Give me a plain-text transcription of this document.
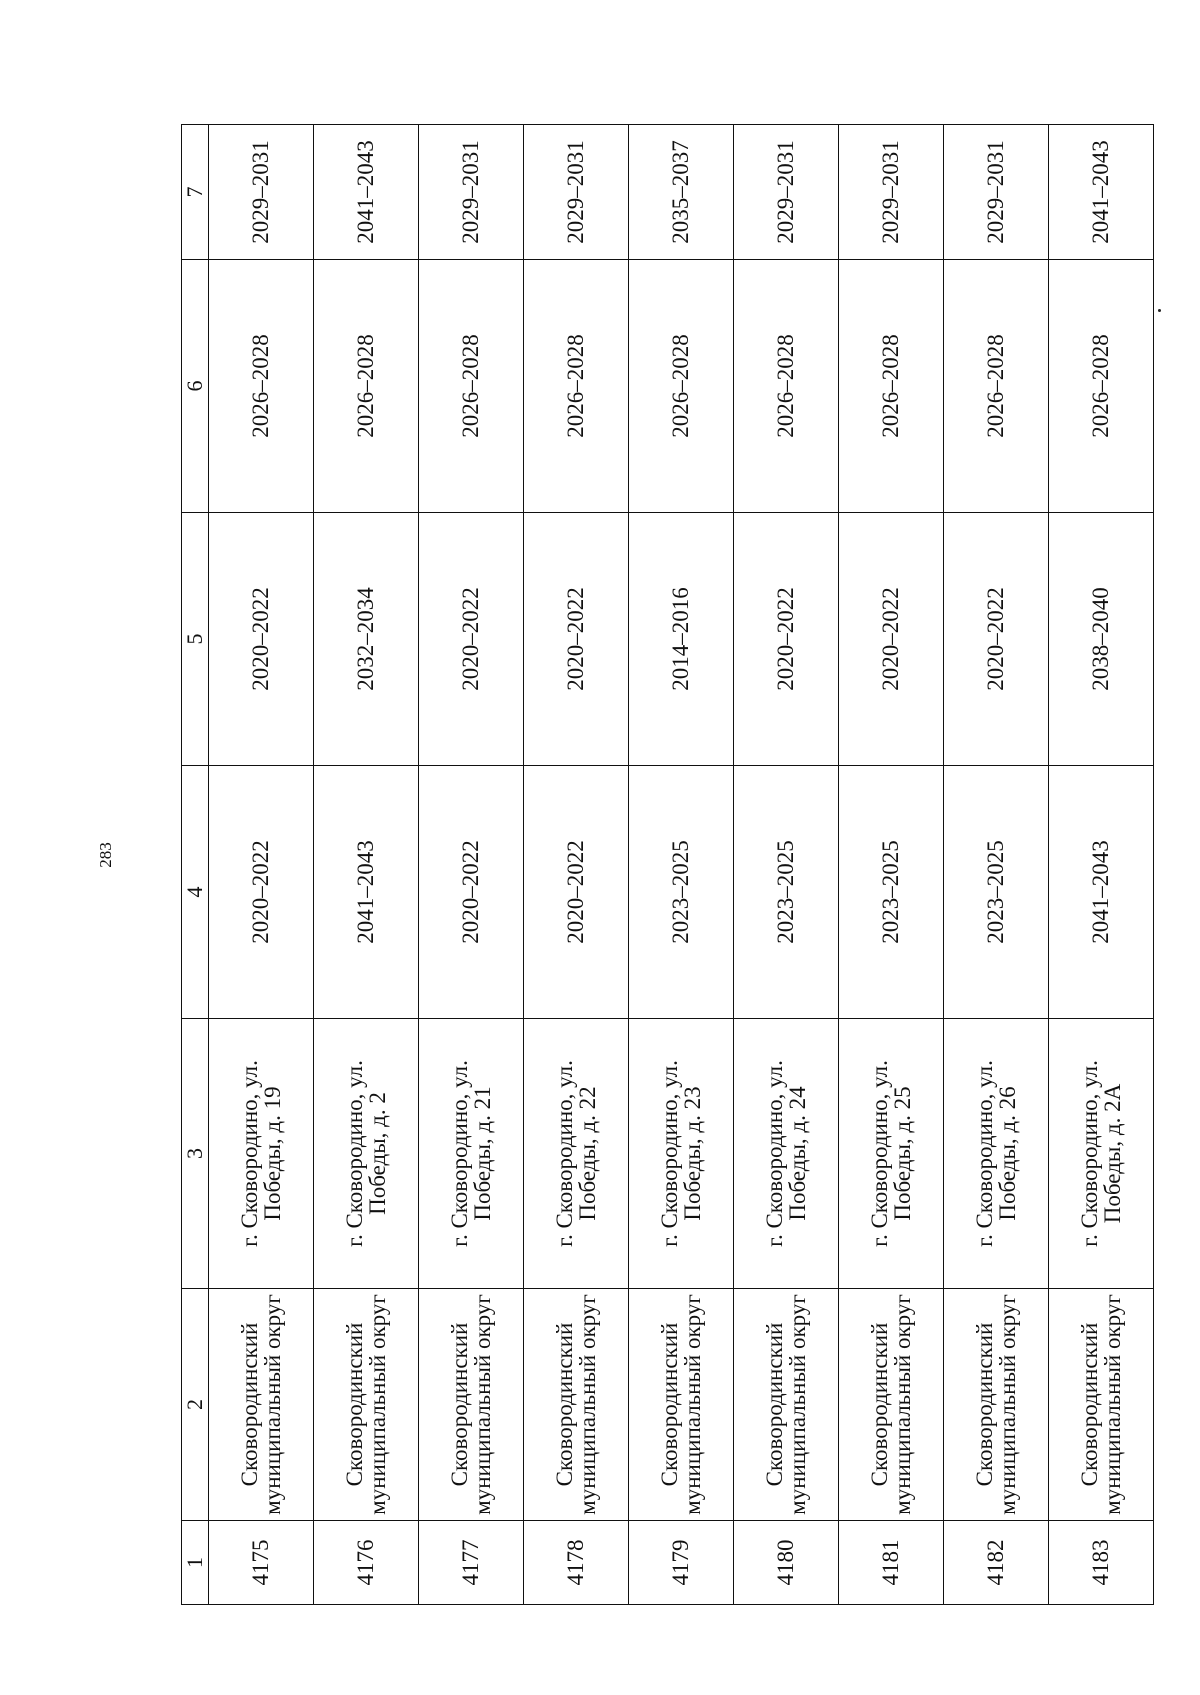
283
1	2	3	4	5	6	7
4175	Сковородинский муниципальный округ	г. Сковородино, ул. Победы, д. 19	2020–2022	2020–2022	2026–2028	2029–2031
4176	Сковородинский муниципальный округ	г. Сковородино, ул. Победы, д. 2	2041–2043	2032–2034	2026–2028	2041–2043
4177	Сковородинский муниципальный округ	г. Сковородино, ул. Победы, д. 21	2020–2022	2020–2022	2026–2028	2029–2031
4178	Сковородинский муниципальный округ	г. Сковородино, ул. Победы, д. 22	2020–2022	2020–2022	2026–2028	2029–2031
4179	Сковородинский муниципальный округ	г. Сковородино, ул. Победы, д. 23	2023–2025	2014–2016	2026–2028	2035–2037
4180	Сковородинский муниципальный округ	г. Сковородино, ул. Победы, д. 24	2023–2025	2020–2022	2026–2028	2029–2031
4181	Сковородинский муниципальный округ	г. Сковородино, ул. Победы, д. 25	2023–2025	2020–2022	2026–2028	2029–2031
4182	Сковородинский муниципальный округ	г. Сковородино, ул. Победы, д. 26	2023–2025	2020–2022	2026–2028	2029–2031
4183	Сковородинский муниципальный округ	г. Сковородино, ул. Победы, д. 2А	2041–2043	2038–2040	2026–2028	2041–2043
